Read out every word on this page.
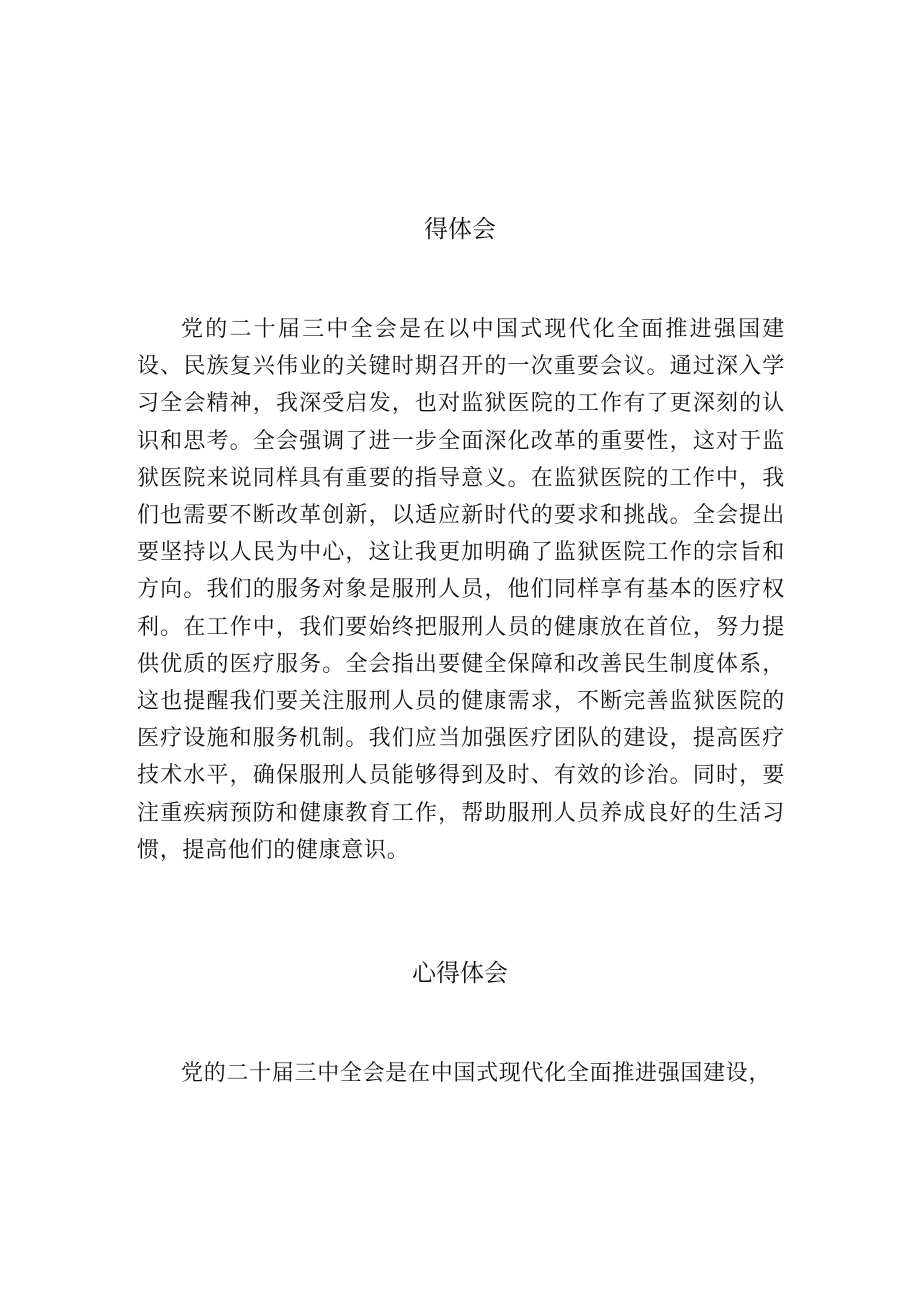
得体会

党的二十届三中全会是在以中国式现代化全面推进强国建设、民族复兴伟业的关键时期召开的一次重要会议。通过深入学习全会精神，我深受启发，也对监狱医院的工作有了更深刻的认识和思考。全会强调了进一步全面深化改革的重要性，这对于监狱医院来说同样具有重要的指导意义。在监狱医院的工作中，我们也需要不断改革创新，以适应新时代的要求和挑战。全会提出要坚持以人民为中心，这让我更加明确了监狱医院工作的宗旨和方向。我们的服务对象是服刑人员，他们同样享有基本的医疗权利。在工作中，我们要始终把服刑人员的健康放在首位，努力提供优质的医疗服务。全会指出要健全保障和改善民生制度体系，这也提醒我们要关注服刑人员的健康需求，不断完善监狱医院的医疗设施和服务机制。我们应当加强医疗团队的建设，提高医疗技术水平，确保服刑人员能够得到及时、有效的诊治。同时，要注重疾病预防和健康教育工作，帮助服刑人员养成良好的生活习惯，提高他们的健康意识。

心得体会

党的二十届三中全会是在中国式现代化全面推进强国建设，
